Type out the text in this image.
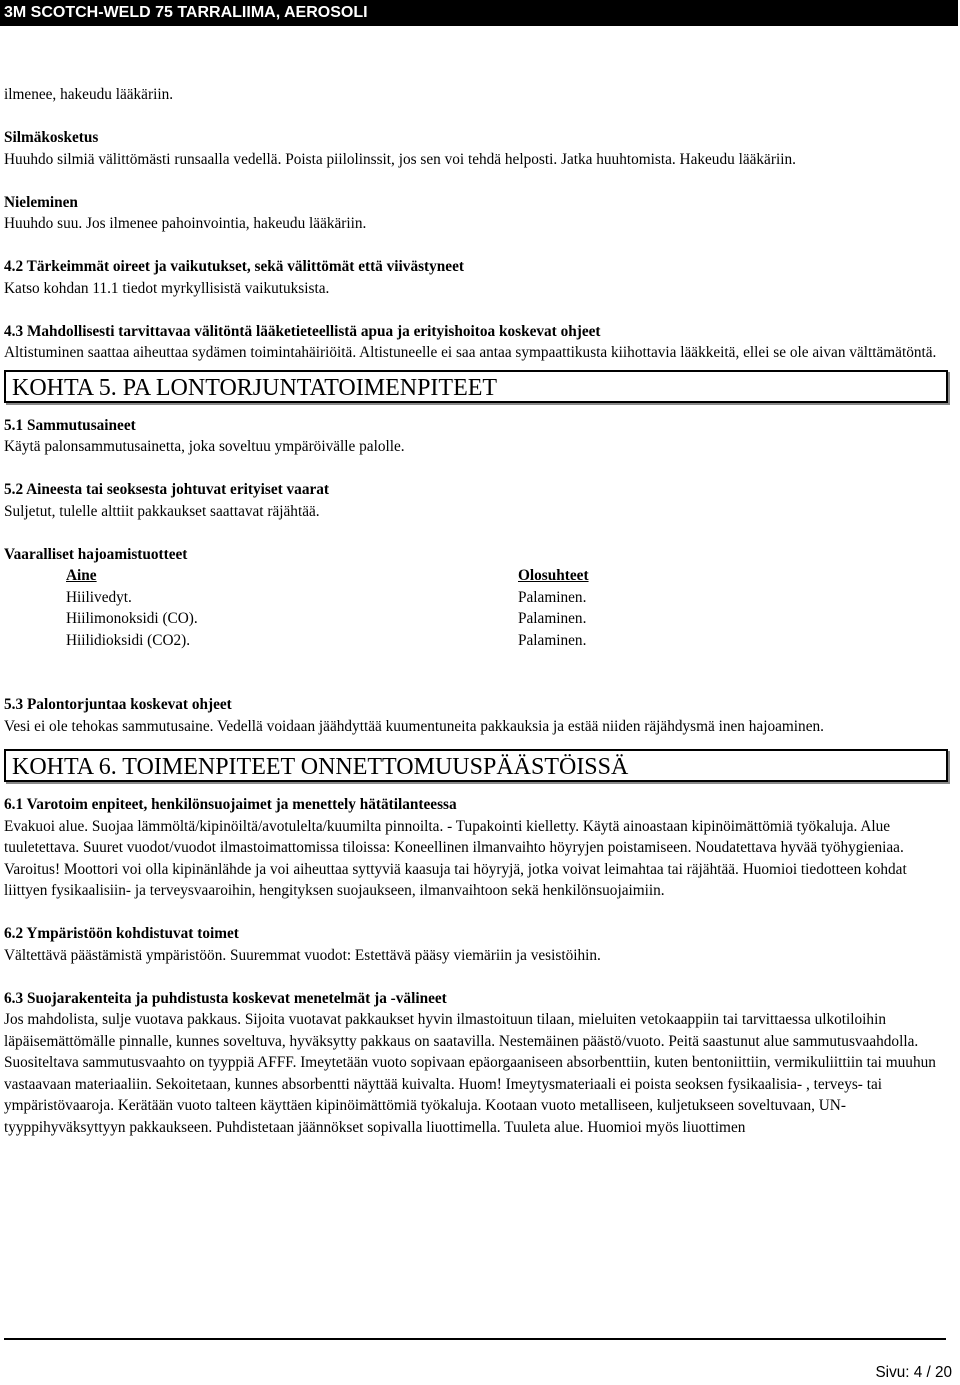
3M SCOTCH-WELD 75 TARRALIIMA, AEROSOLI

ilmenee, hakeudu lääkäriin.

Silmäkosketus

Huuhdo silmiä välittömästi runsaalla vedellä. Poista piilolinssit, jos sen voi tehdä helposti. Jatka huuhtomista. Hakeudu lääkäriin.

Nieleminen

Huuhdo suu. Jos ilmenee pahoinvointia, hakeudu lääkäriin.

4.2 Tärkeimmät oireet ja vaikutukset, sekä välittömät että viivästyneet

Katso kohdan 11.1 tiedot myrkyllisistä vaikutuksista.

4.3 Mahdollisesti tarvittavaa välitöntä lääketieteellistä apua ja erityishoitoa koskevat ohjeet

Altistuminen saattaa aiheuttaa sydämen toimintahäiriöitä. Altistuneelle ei saa antaa sympaattikusta kiihottavia lääkkeitä, ellei se ole aivan välttämätöntä.

KOHTA 5. PA LONTORJUNTATOIMENPITEET

5.1 Sammutusaineet

Käytä palonsammutusainetta, joka soveltuu ympäröivälle palolle.

5.2 Aineesta tai seoksesta johtuvat erityiset vaarat

Suljetut, tulelle alttiit pakkaukset saattavat räjähtää.

Vaaralliset hajoamistuotteet

Aine	Olosuhteet
Hiilivedyt.	Palaminen.
Hiilimonoksidi (CO).	Palaminen.
Hiilidioksidi (CO2).	Palaminen.

5.3 Palontorjuntaa koskevat ohjeet

Vesi ei ole tehokas sammutusaine. Vedellä voidaan jäähdyttää kuumentuneita pakkauksia ja estää niiden räjähdysmä inen hajoaminen.

KOHTA 6. TOIMENPITEET ONNETTOMUUSPÄÄSTÖISSÄ

6.1 Varotoim enpiteet, henkilönsuojaimet ja menettely hätätilanteessa

Evakuoi alue. Suojaa lämmöltä/kipinöiltä/avotulelta/kuumilta pinnoilta. - Tupakointi kielletty. Käytä ainoastaan kipinöimättömiä työkaluja. Alue tuuletettava. Suuret vuodot/vuodot ilmastoimattomissa tiloissa: Koneellinen ilmanvaihto höyryjen poistamiseen. Noudatettava hyvää työhygieniaa. Varoitus! Moottori voi olla kipinänlähde ja voi aiheuttaa syttyviä kaasuja tai höyryjä, jotka voivat leimahtaa tai räjähtää. Huomioi tiedotteen kohdat liittyen fysikaalisiin- ja terveysvaaroihin, hengityksen suojaukseen, ilmanvaihtoon sekä henkilönsuojaimiin.

6.2 Ympäristöön kohdistuvat toimet

Vältettävä päästämistä ympäristöön. Suuremmat vuodot: Estettävä pääsy viemäriin ja vesistöihin.

6.3 Suojarakenteita ja puhdistusta koskevat menetelmät ja -välineet

Jos mahdolista, sulje vuotava pakkaus. Sijoita vuotavat pakkaukset hyvin ilmastoituun tilaan, mieluiten vetokaappiin tai tarvittaessa ulkotiloihin läpäisemättömälle pinnalle, kunnes soveltuva, hyväksytty pakkaus on saatavilla. Nestemäinen päästö/vuoto. Peitä saastunut alue sammutusvaahdolla. Suositeltava sammutusvaahto on tyyppiä AFFF. Imeytetään vuoto sopivaan epäorgaaniseen absorbenttiin, kuten bentoniittiin, vermikuliittiin tai muuhun vastaavaan materiaaliin. Sekoitetaan, kunnes absorbentti näyttää kuivalta. Huom! Imeytysmateriaali ei poista seoksen fysikaalisia- , terveys- tai ympäristövaaroja. Kerätään vuoto talteen käyttäen kipinöimättömiä työkaluja. Kootaan vuoto metalliseen, kuljetukseen soveltuvaan, UN-tyyppihyväksyttyyn pakkaukseen. Puhdistetaan jäännökset sopivalla liuottimella. Tuuleta alue. Huomioi myös liuottimen

Sivu: 4 / 20
